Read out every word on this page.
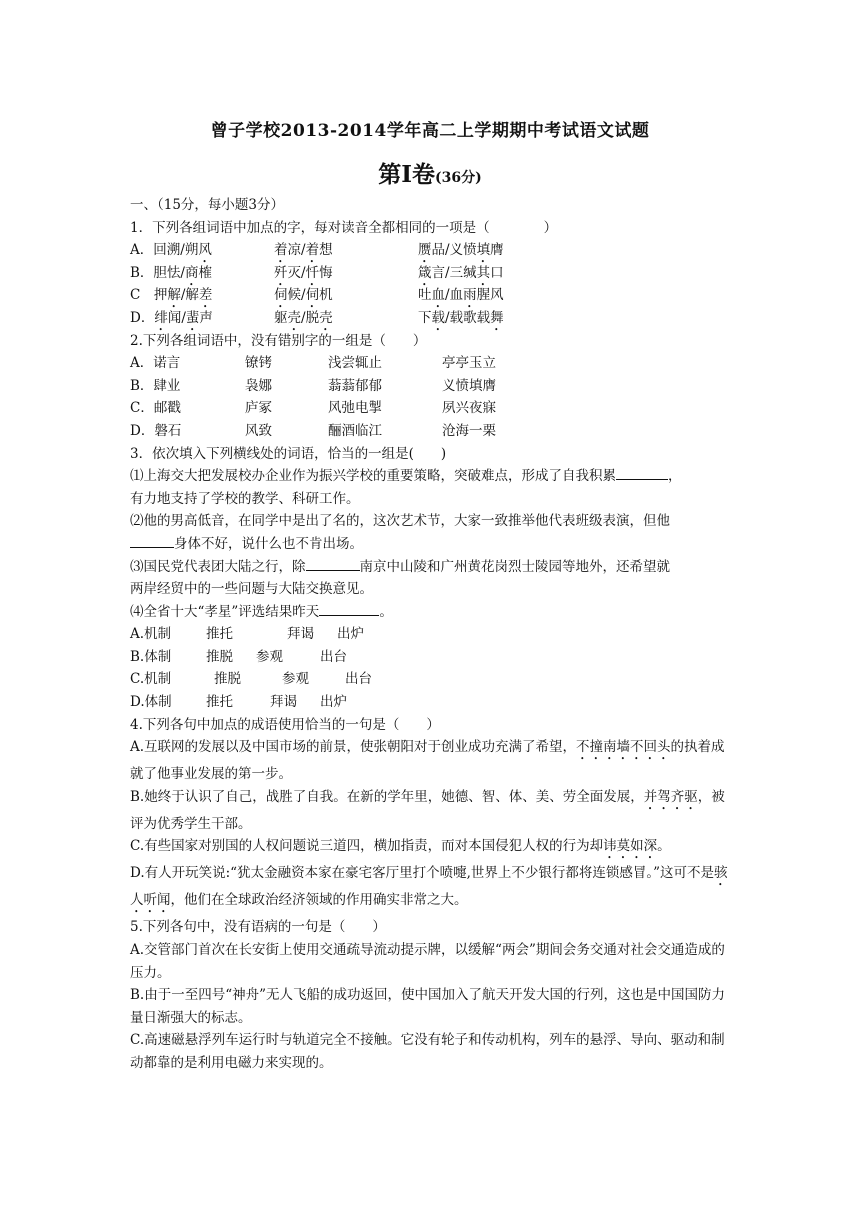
曾子学校2013-2014学年高二上学期期中考试语文试题
第Ⅰ卷(36分)
一、（15分，每小题3分）
1．下列各组词语中加点的字，每对读音全都相同的一项是（　　　　）
A．回溯/朔风	着凉/着想	赝品/义愤填膺
B．胆怯/商榷	歼灭/忏悔	箴言/三缄其口
C　 押解/解差	伺候/伺机	吐血/血雨腥风
D．绯闻/蜚声	躯壳/脱壳	下载/载歌载舞
2.下列各组词语中，没有错别字的一组是（　　）
A．诺言	镣铐	浅尝辄止	亭亭玉立
B．肆业	袅娜	蓊蓊郁郁	义愤填膺
C．邮戳	庐冢	风弛电掣	夙兴夜寐
D．磐石	风致	酾酒临江	沧海一栗
3．依次填入下列横线处的词语，恰当的一组是(　　)
⑴上海交大把发展校办企业作为振兴学校的重要策略，突破难点，形成了自我积累	，
有力地支持了学校的教学、科研工作。
⑵他的男高低音，在同学中是出了名的，这次艺术节，大家一致推举他代表班级表演，但他
身体不好，说什么也不肯出场。
⑶国民党代表团大陆之行，除	南京中山陵和广州黄花岗烈士陵园等地外，还希望就
两岸经贸中的一些问题与大陆交换意见。
⑷全省十大“孝星”评选结果昨天	。
A.机制	推托	拜谒 出炉
B.体制	推脱 参观	出台
C.机制	推脱	参观	出台
D.体制	推托	拜谒 出炉
4.下列各句中加点的成语使用恰当的一句是（　　）
A.互联网的发展以及中国市场的前景，使张朝阳对于创业成功充满了希望，不撞南墙不回头的执着成就了他事业发展的第一步。
B.她终于认识了自己，战胜了自我。在新的学年里，她德、智、体、美、劳全面发展，并驾齐驱，被评为优秀学生干部。
C.有些国家对别国的人权问题说三道四，横加指责，而对本国侵犯人权的行为却讳莫如深。
D.有人开玩笑说:“犹太金融资本家在豪宅客厅里打个喷嚏,世界上不少银行都将连锁感冒。”这可不是骇人听闻，他们在全球政治经济领域的作用确实非常之大。
5.下列各句中，没有语病的一句是（　　）
A.交管部门首次在长安街上使用交通疏导流动提示牌，以缓解“两会”期间会务交通对社会交通造成的压力。
B.由于一至四号“神舟”无人飞船的成功返回，使中国加入了航天开发大国的行列，这也是中国国防力量日渐强大的标志。
C.高速磁悬浮列车运行时与轨道完全不接触。它没有轮子和传动机构，列车的悬浮、导向、驱动和制动都靠的是利用电磁力来实现的。
